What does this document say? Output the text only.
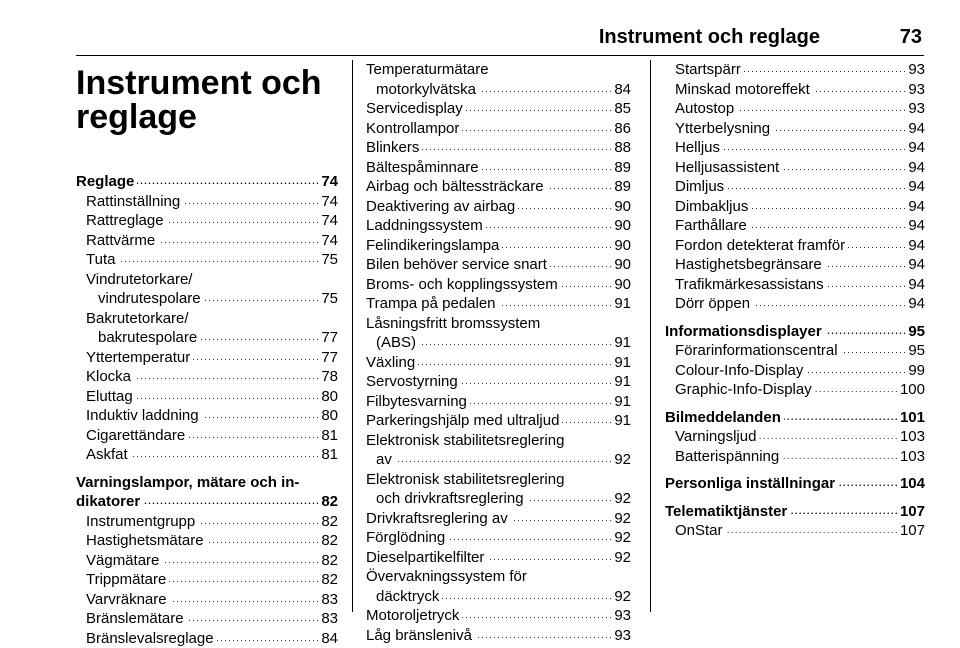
Instrument och reglage	73
Instrument och
reglage
Reglage . . .	74
Rattinställning . . .	74
Rattreglage . . .	74
Rattvärme . . .	74
Tuta . . .	75
Vindrutetorkare/
vindrutespolare . . .	75
Bakrutetorkare/
bakrutespolare . . .	77
Yttertemperatur . . .	77
Klocka . . .	78
Eluttag . . .	80
Induktiv laddning . . .	80
Cigarettändare . . .	81
Askfat . . .	81
Varningslampor, mätare och in-
dikatorer . . .	82
Instrumentgrupp . . .	82
Hastighetsmätare . . .	82
Vägmätare . . .	82
Trippmätare . . .	82
Varvräknare . . .	83
Bränslemätare . . .	83
Bränslevalsreglage . . .	84
Temperaturmätare
motorkylvätska . . .	84
Servicedisplay . . .	85
Kontrollampor . . .	86
Blinkers . . .	88
Bältespåminnare . . .	89
Airbag och bältessträckare . . .	89
Deaktivering av airbag . . .	90
Laddningssystem . . .	90
Felindikeringslampa . . .	90
Bilen behöver service snart . . .	90
Broms- och kopplingssystem . . .	90
Trampa på pedalen . . .	91
Låsningsfritt bromssystem
(ABS) . . .	91
Växling . . .	91
Servostyrning . . .	91
Filbytesvarning . . .	91
Parkeringshjälp med ultraljud . . .	91
Elektronisk stabilitetsreglering
av . . .	92
Elektronisk stabilitetsreglering
och drivkraftsreglering . . .	92
Drivkraftsreglering av . . .	92
Förglödning . . .	92
Dieselpartikelfilter . . .	92
Övervakningssystem för
däcktryck . . .	92
Motoroljetryck . . .	93
Låg bränslenivå . . .	93
Startspärr . . .	93
Minskad motoreffekt . . .	93
Autostop . . .	93
Ytterbelysning . . .	94
Helljus . . .	94
Helljusassistent . . .	94
Dimljus . . .	94
Dimbakljus . . .	94
Farthållare . . .	94
Fordon detekterat framför . . .	94
Hastighetsbegränsare . . .	94
Trafikmärkesassistans . . .	94
Dörr öppen . . .	94
Informationsdisplayer . . .	95
Förarinformationscentral . . .	95
Colour-Info-Display . . .	99
Graphic-Info-Display . . .	100
Bilmeddelanden . . .	101
Varningsljud . . .	103
Batterispänning . . .	103
Personliga inställningar . . .	104
Telematiktjänster . . .	107
OnStar . . .	107
